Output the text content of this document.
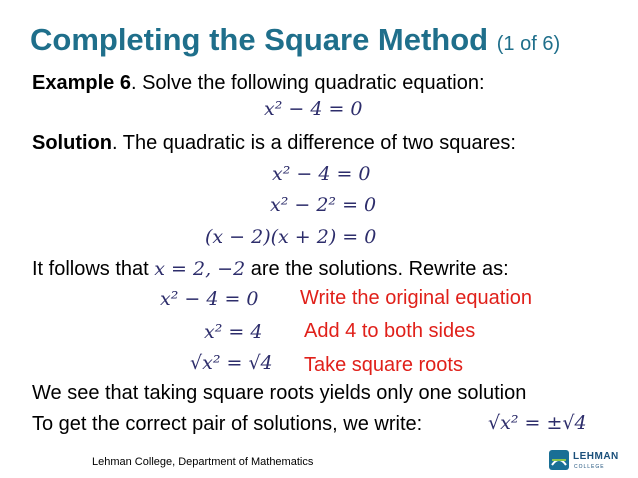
Completing the Square Method (1 of 6)
Example 6. Solve the following quadratic equation:
x² − 4 = 0
Solution. The quadratic is a difference of two squares:
x² − 4 = 0
x² − 2² = 0
(x − 2)(x + 2) = 0
It follows that x = 2, −2 are the solutions. Rewrite as:
x² − 4 = 0 Write the original equation
x² = 4 Add 4 to both sides
√x² = √4 Take square roots
We see that taking square roots yields only one solution
To get the correct pair of solutions, we write:	√x² = ±√4
Lehman College, Department of Mathematics	LEHMAN
COLLEGE
